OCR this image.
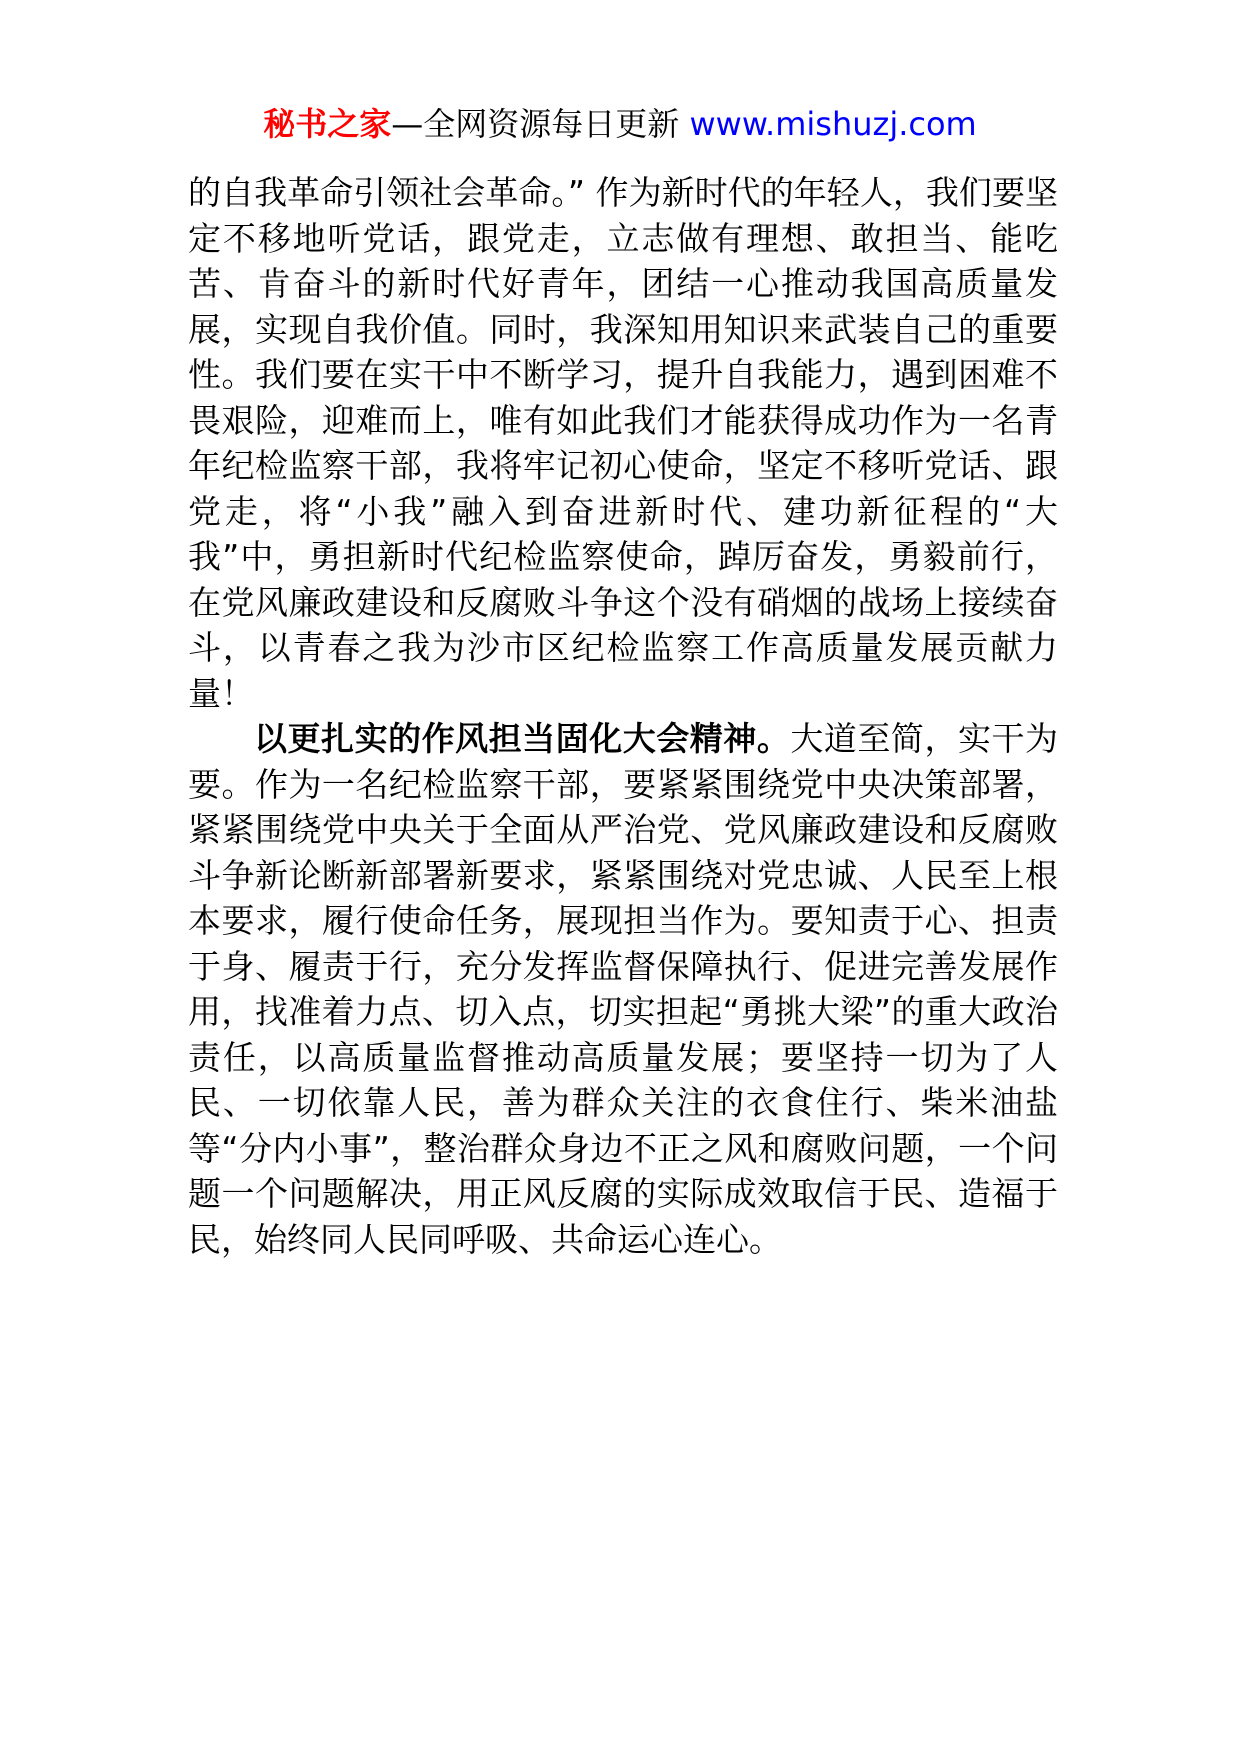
秘书之家—全网资源每日更新 www.mishuzj.com

的自我革命引领社会革命。” 作为新时代的年轻人，我们要坚定不移地听党话，跟党走，立志做有理想、敢担当、能吃苦、肯奋斗的新时代好青年，团结一心推动我国高质量发展，实现自我价值。同时，我深知用知识来武装自己的重要性。我们要在实干中不断学习，提升自我能力，遇到困难不畏艰险，迎难而上，唯有如此我们才能获得成功作为一名青年纪检监察干部，我将牢记初心使命，坚定不移听党话、跟党走，将“小我”融入到奋进新时代、建功新征程的“大我”中，勇担新时代纪检监察使命，踔厉奋发，勇毅前行，在党风廉政建设和反腐败斗争这个没有硝烟的战场上接续奋斗，以青春之我为沙市区纪检监察工作高质量发展贡献力量！

以更扎实的作风担当固化大会精神。大道至简，实干为要。作为一名纪检监察干部，要紧紧围绕党中央决策部署，紧紧围绕党中央关于全面从严治党、党风廉政建设和反腐败斗争新论断新部署新要求，紧紧围绕对党忠诚、人民至上根本要求，履行使命任务，展现担当作为。要知责于心、担责于身、履责于行，充分发挥监督保障执行、促进完善发展作用，找准着力点、切入点，切实担起“勇挑大梁”的重大政治责任，以高质量监督推动高质量发展；要坚持一切为了人民、一切依靠人民，善为群众关注的衣食住行、柴米油盐等“分内小事”，整治群众身边不正之风和腐败问题，一个问题一个问题解决，用正风反腐的实际成效取信于民、造福于民，始终同人民同呼吸、共命运心连心。
